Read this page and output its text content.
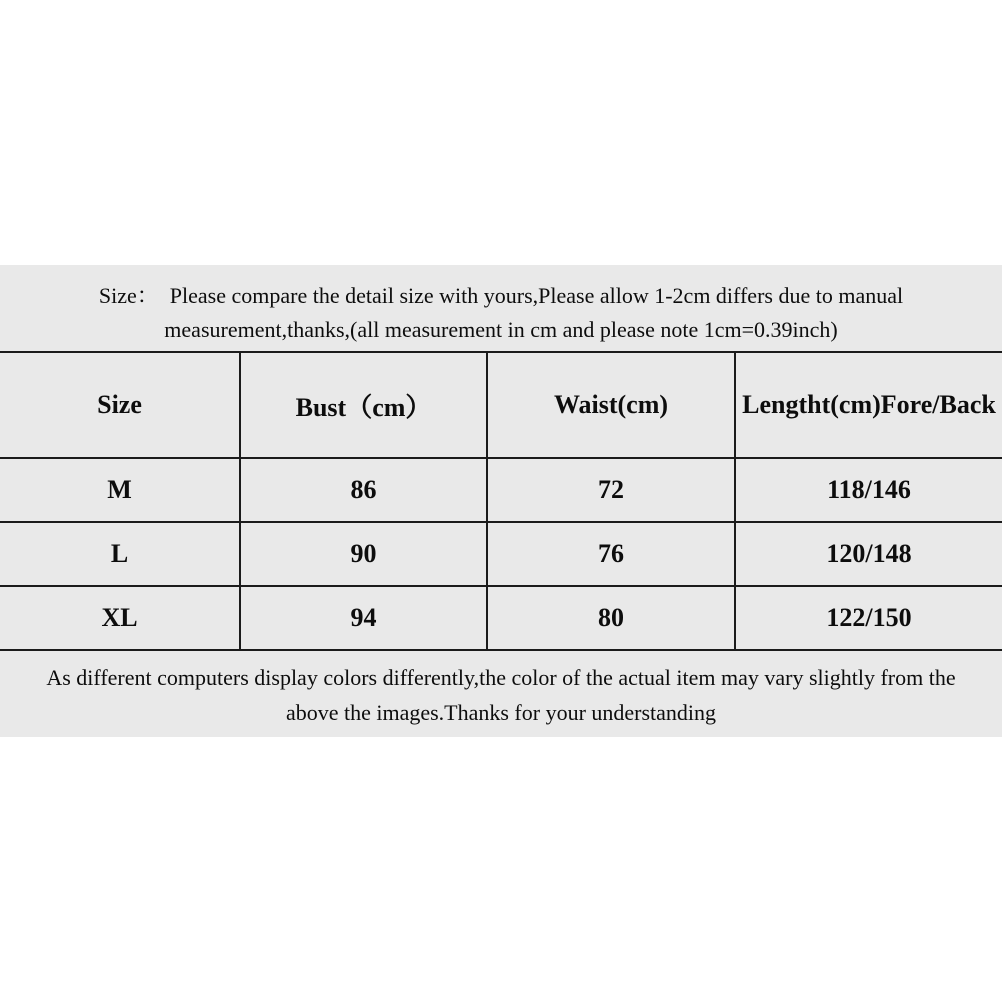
Size：  Please compare the detail size with yours,Please allow 1-2cm differs due to manual
measurement,thanks,(all measurement in cm and please note 1cm=0.39inch)
Size	Bust（cm）	Waist(cm)	Lengtht(cm)Fore/Back
M	86	72	118/146
L	90	76	120/148
XL	94	80	122/150
As different computers display colors differently,the color of the actual item may vary slightly from the
above the images.Thanks for your understanding
